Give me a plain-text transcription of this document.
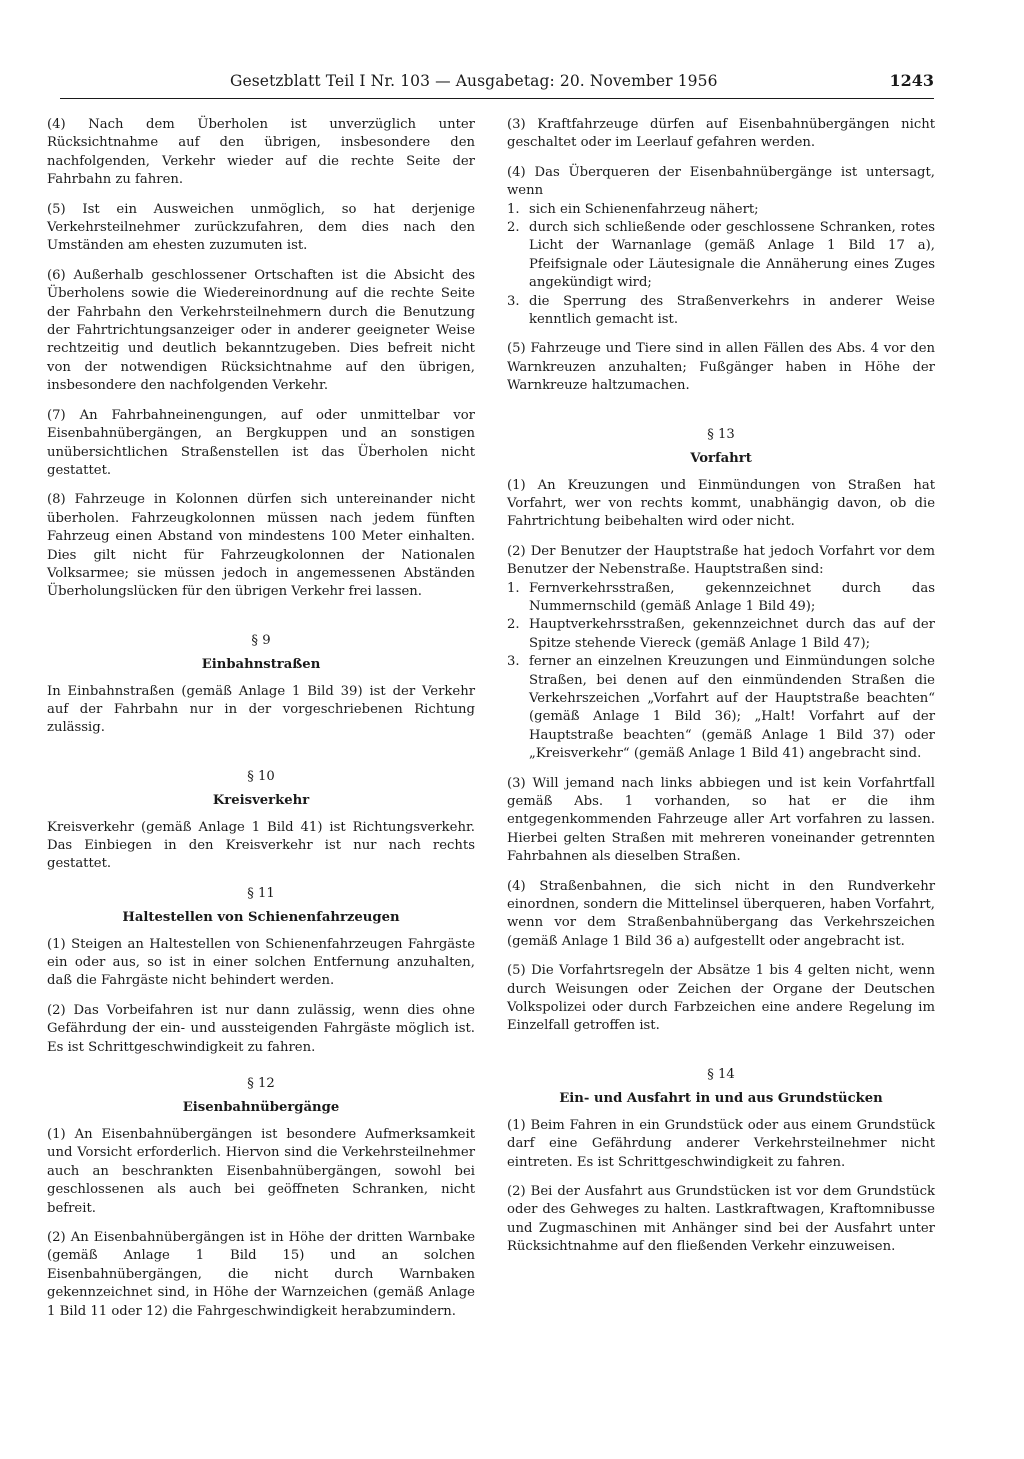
Gesetzblatt Teil I Nr. 103 — Ausgabetag: 20. November 1956	1243

(4) Nach dem Überholen ist unverzüglich unter Rücksichtnahme auf den übrigen, insbesondere den nachfolgenden, Verkehr wieder auf die rechte Seite der Fahrbahn zu fahren.

(5) Ist ein Ausweichen unmöglich, so hat derjenige Verkehrsteilnehmer zurückzufahren, dem dies nach den Umständen am ehesten zuzumuten ist.

(6) Außerhalb geschlossener Ortschaften ist die Absicht des Überholens sowie die Wiedereinordnung auf die rechte Seite der Fahrbahn den Verkehrsteilnehmern durch die Benutzung der Fahrtrichtungsanzeiger oder in anderer geeigneter Weise rechtzeitig und deutlich bekanntzugeben. Dies befreit nicht von der notwendigen Rücksichtnahme auf den übrigen, insbesondere den nachfolgenden Verkehr.

(7) An Fahrbahneinengungen, auf oder unmittelbar vor Eisenbahnübergängen, an Bergkuppen und an sonstigen unübersichtlichen Straßenstellen ist das Überholen nicht gestattet.

(8) Fahrzeuge in Kolonnen dürfen sich untereinander nicht überholen. Fahrzeugkolonnen müssen nach jedem fünften Fahrzeug einen Abstand von mindestens 100 Meter einhalten. Dies gilt nicht für Fahrzeugkolonnen der Nationalen Volksarmee; sie müssen jedoch in angemessenen Abständen Überholungslücken für den übrigen Verkehr frei lassen.

§ 9

Einbahnstraßen

In Einbahnstraßen (gemäß Anlage 1 Bild 39) ist der Verkehr auf der Fahrbahn nur in der vorgeschriebenen Richtung zulässig.

§ 10

Kreisverkehr

Kreisverkehr (gemäß Anlage 1 Bild 41) ist Richtungsverkehr. Das Einbiegen in den Kreisverkehr ist nur nach rechts gestattet.

§ 11

Haltestellen von Schienenfahrzeugen

(1) Steigen an Haltestellen von Schienenfahrzeugen Fahrgäste ein oder aus, so ist in einer solchen Entfernung anzuhalten, daß die Fahrgäste nicht behindert werden.

(2) Das Vorbeifahren ist nur dann zulässig, wenn dies ohne Gefährdung der ein- und aussteigenden Fahrgäste möglich ist. Es ist Schrittgeschwindigkeit zu fahren.

§ 12

Eisenbahnübergänge

(1) An Eisenbahnübergängen ist besondere Aufmerksamkeit und Vorsicht erforderlich. Hiervon sind die Verkehrsteilnehmer auch an beschrankten Eisenbahnübergängen, sowohl bei geschlossenen als auch bei geöffneten Schranken, nicht befreit.

(2) An Eisenbahnübergängen ist in Höhe der dritten Warnbake (gemäß Anlage 1 Bild 15) und an solchen Eisenbahnübergängen, die nicht durch Warnbaken gekennzeichnet sind, in Höhe der Warnzeichen (gemäß Anlage 1 Bild 11 oder 12) die Fahrgeschwindigkeit herabzumindern.

(3) Kraftfahrzeuge dürfen auf Eisenbahnübergängen nicht geschaltet oder im Leerlauf gefahren werden.

(4) Das Überqueren der Eisenbahnübergänge ist untersagt, wenn

1. sich ein Schienenfahrzeug nähert;
2. durch sich schließende oder geschlossene Schranken, rotes Licht der Warnanlage (gemäß Anlage 1 Bild 17 a), Pfeifsignale oder Läutesignale die Annäherung eines Zuges angekündigt wird;
3. die Sperrung des Straßenverkehrs in anderer Weise kenntlich gemacht ist.

(5) Fahrzeuge und Tiere sind in allen Fällen des Abs. 4 vor den Warnkreuzen anzuhalten; Fußgänger haben in Höhe der Warnkreuze haltzumachen.

§ 13

Vorfahrt

(1) An Kreuzungen und Einmündungen von Straßen hat Vorfahrt, wer von rechts kommt, unabhängig davon, ob die Fahrtrichtung beibehalten wird oder nicht.

(2) Der Benutzer der Hauptstraße hat jedoch Vorfahrt vor dem Benutzer der Nebenstraße. Hauptstraßen sind:

1. Fernverkehrsstraßen, gekennzeichnet durch das Nummernschild (gemäß Anlage 1 Bild 49);
2. Hauptverkehrsstraßen, gekennzeichnet durch das auf der Spitze stehende Viereck (gemäß Anlage 1 Bild 47);
3. ferner an einzelnen Kreuzungen und Einmündungen solche Straßen, bei denen auf den einmündenden Straßen die Verkehrszeichen „Vorfahrt auf der Hauptstraße beachten“ (gemäß Anlage 1 Bild 36); „Halt! Vorfahrt auf der Hauptstraße beachten“ (gemäß Anlage 1 Bild 37) oder „Kreisverkehr“ (gemäß Anlage 1 Bild 41) angebracht sind.

(3) Will jemand nach links abbiegen und ist kein Vorfahrtfall gemäß Abs. 1 vorhanden, so hat er die ihm entgegenkommenden Fahrzeuge aller Art vorfahren zu lassen. Hierbei gelten Straßen mit mehreren voneinander getrennten Fahrbahnen als dieselben Straßen.

(4) Straßenbahnen, die sich nicht in den Rundverkehr einordnen, sondern die Mittelinsel überqueren, haben Vorfahrt, wenn vor dem Straßenbahnübergang das Verkehrszeichen (gemäß Anlage 1 Bild 36 a) aufgestellt oder angebracht ist.

(5) Die Vorfahrtsregeln der Absätze 1 bis 4 gelten nicht, wenn durch Weisungen oder Zeichen der Organe der Deutschen Volkspolizei oder durch Farbzeichen eine andere Regelung im Einzelfall getroffen ist.

§ 14

Ein- und Ausfahrt in und aus Grundstücken

(1) Beim Fahren in ein Grundstück oder aus einem Grundstück darf eine Gefährdung anderer Verkehrsteilnehmer nicht eintreten. Es ist Schrittgeschwindigkeit zu fahren.

(2) Bei der Ausfahrt aus Grundstücken ist vor dem Grundstück oder des Gehweges zu halten. Lastkraftwagen, Kraftomnibusse und Zugmaschinen mit Anhänger sind bei der Ausfahrt unter Rücksichtnahme auf den fließenden Verkehr einzuweisen.
